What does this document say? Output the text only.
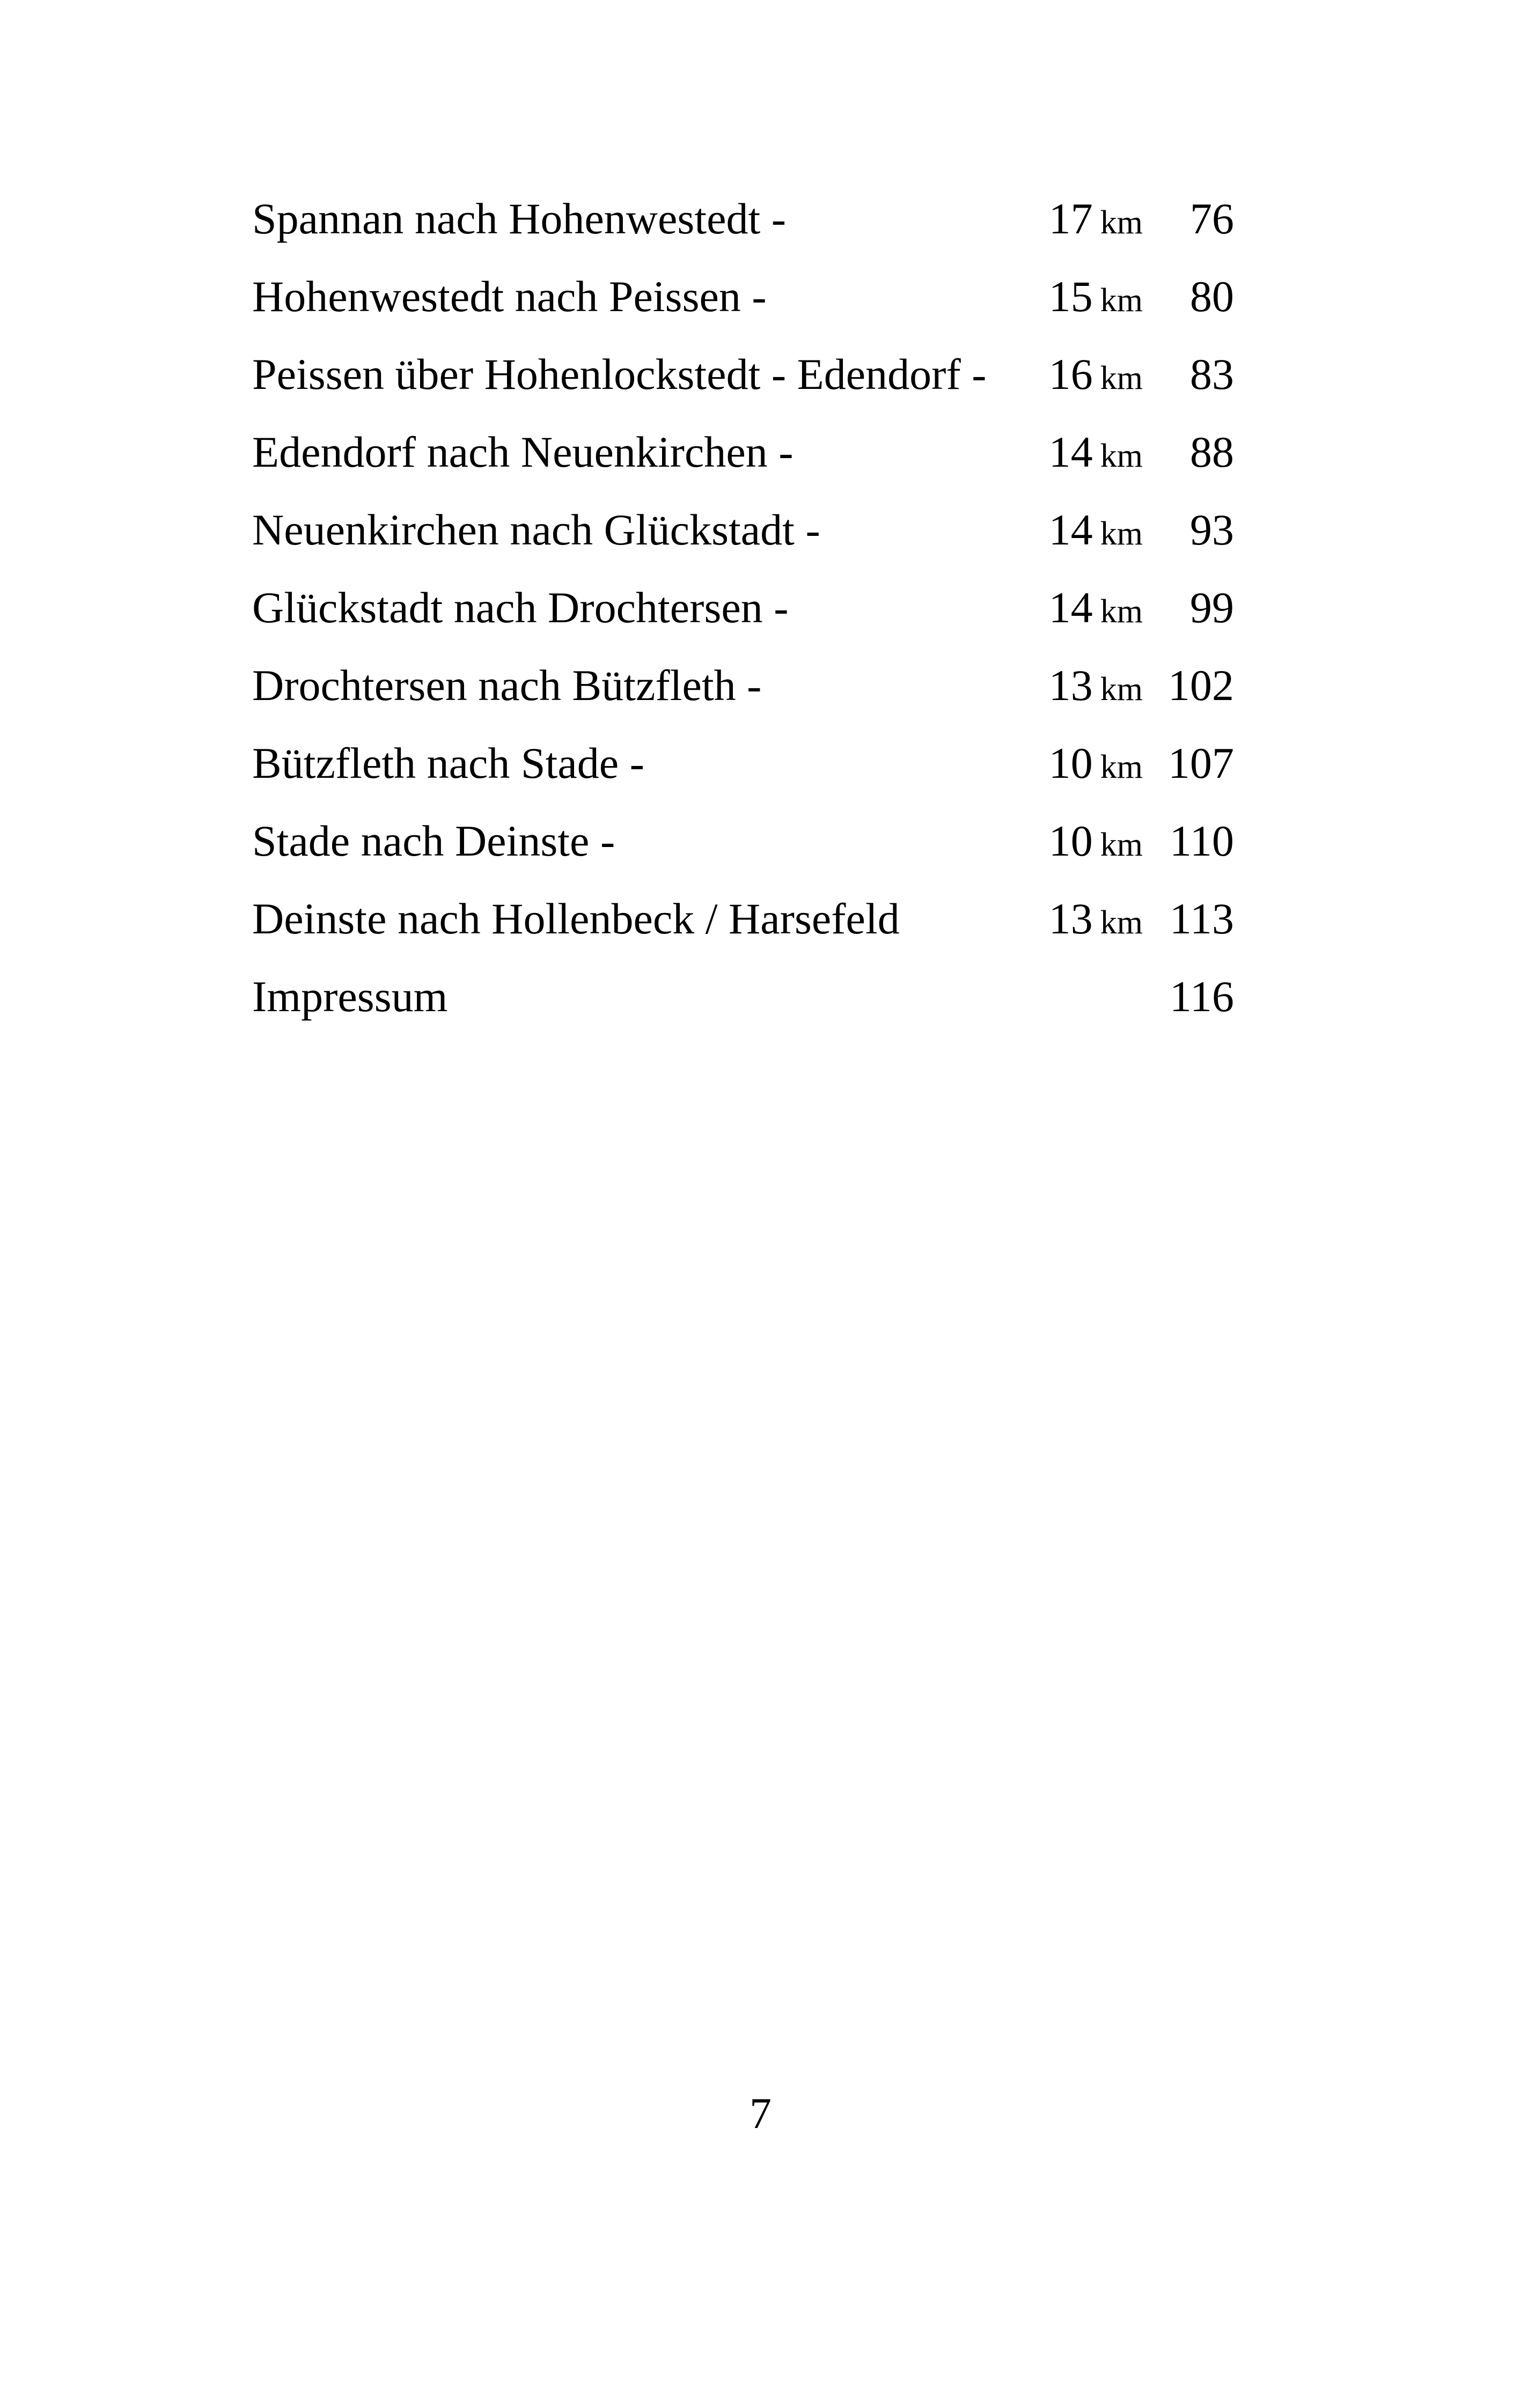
Spannan nach Hohenwestedt -	17 km 76
Hohenwestedt nach Peissen -	15 km 80
Peissen über Hohenlockstedt - Edendorf - 16 km 83
Edendorf nach Neuenkirchen -	14 km 88
Neuenkirchen nach Glückstadt -	14 km 93
Glückstadt nach Drochtersen -	14 km 99
Drochtersen nach Bützfleth -	13 km 102
Bützfleth nach Stade -	10 km 107
Stade nach Deinste -	10 km 110
Deinste nach Hollenbeck / Harsefeld	13 km 113
Impressum	116
7
